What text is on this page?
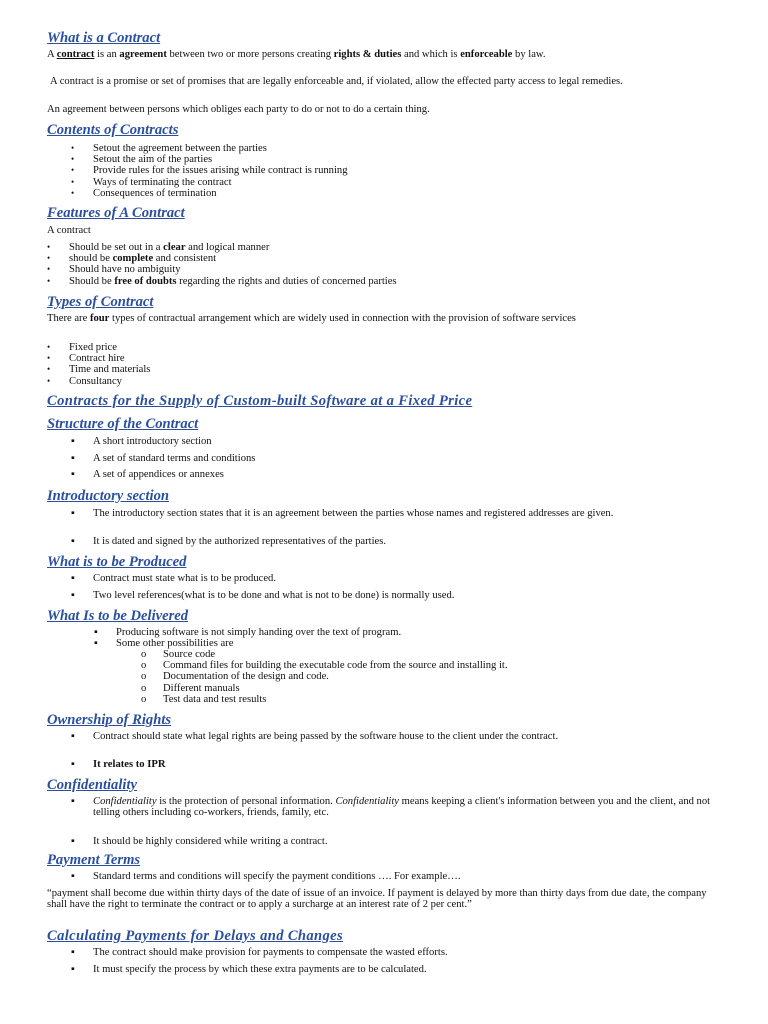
What is a Contract

A contract is an agreement between two or more persons creating rights & duties and which is enforceable by law.

A contract is a promise or set of promises that are legally enforceable and, if violated, allow the effected party access to legal remedies.

An agreement between persons which obliges each party to do or not to do a certain thing.

Contents of Contracts
• Setout the agreement between the parties
• Setout the aim of the parties
• Provide rules for the issues arising while contract is running
• Ways of terminating the contract
• Consequences of termination
Features of A Contract

A contract

• Should be set out in a clear and logical manner
• should be complete and consistent
• Should have no ambiguity
• Should be free of doubts regarding the rights and duties of concerned parties
Types of Contract

There are four types of contractual arrangement which are widely used in connection with the provision of software services

• Fixed price
• Contract hire
• Time and materials
• Consultancy
Contracts for the Supply of Custom-built Software at a Fixed Price
Structure of the Contract
▪ A short introductory section
▪ A set of standard terms and conditions
▪ A set of appendices or annexes
Introductory section
▪ The introductory section states that it is an agreement between the parties whose names and registered addresses are given.
▪ It is dated and signed by the authorized representatives of the parties.
What is to be Produced
▪ Contract must state what is to be produced.
▪ Two level references(what is to be done and what is not to be done) is normally used.
What Is to be Delivered
▪ Producing software is not simply handing over the text of program.
▪ Some other possibilities are
o Source code
o Command files for building the executable code from the source and installing it.
o Documentation of the design and code.
o Different manuals
o Test data and test results
Ownership of Rights
▪ Contract should state what legal rights are being passed by the software house to the client under the contract.
▪ It relates to IPR
Confidentiality
▪ Confidentiality is the protection of personal information. Confidentiality means keeping a client's information between you and the client, and not telling others including co-workers, friends, family, etc.
▪ It should be highly considered while writing a contract.
Payment Terms
▪ Standard terms and conditions will specify the payment conditions …. For example….

“payment shall become due within thirty days of the date of issue of an invoice. If payment is delayed by more than thirty days from due date, the company shall have the right to terminate the contract or to apply a surcharge at an interest rate of 2 per cent.”

Calculating Payments for Delays and Changes
▪ The contract should make provision for payments to compensate the wasted efforts.
▪ It must specify the process by which these extra payments are to be calculated.
